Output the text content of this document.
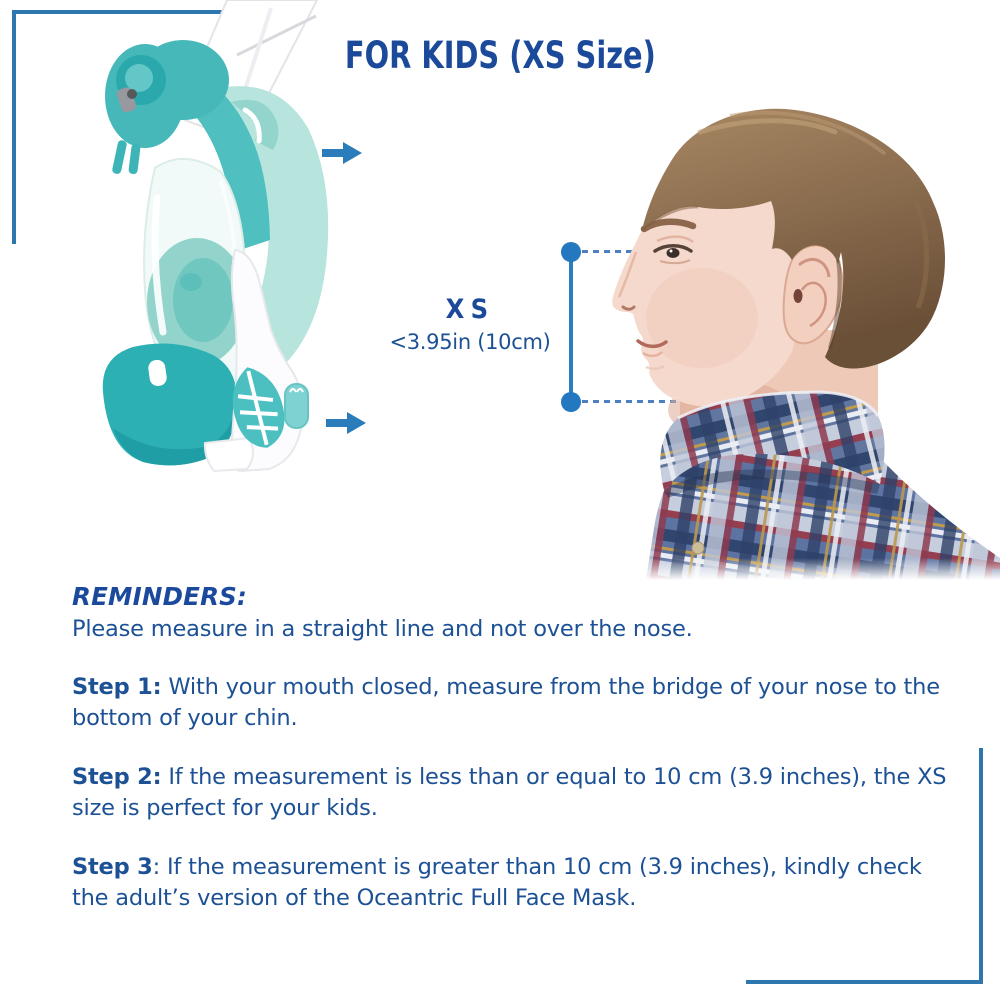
FOR KIDS (XS Size)
XS
<3.95in (10cm)
REMINDERS:

Please measure in a straight line and not over the nose.

Step 1: With your mouth closed, measure from the bridge of your nose to the bottom of your chin.

Step 2: If the measurement is less than or equal to 10 cm (3.9 inches), the XS size is perfect for your kids.

Step 3: If the measurement is greater than 10 cm (3.9 inches), kindly check the adult’s version of the Oceantric Full Face Mask.
